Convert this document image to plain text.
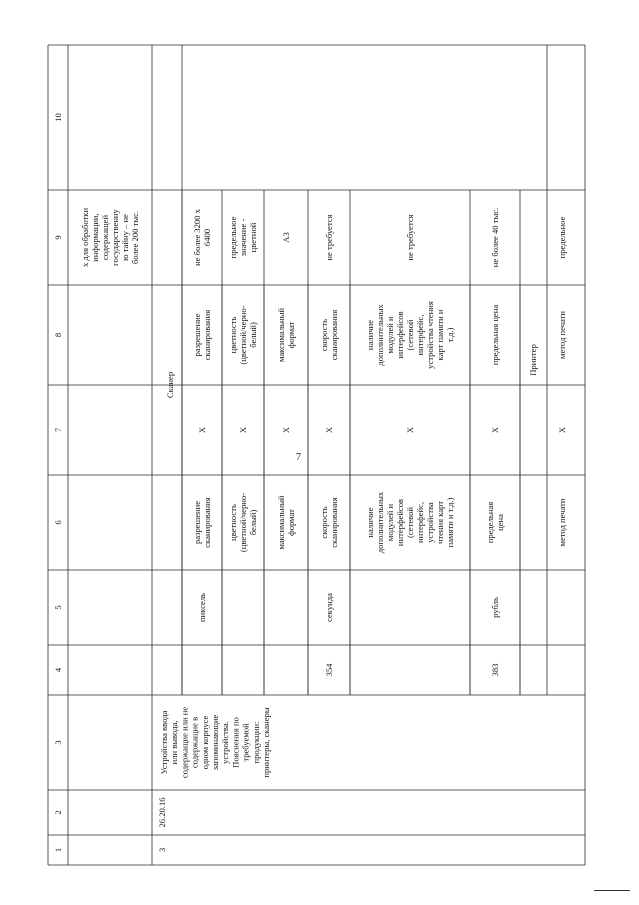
7
1
2
3
4
5
6
7
8
9
10
х для обработки информации, содержащей государственну ю тайну – не более 200 тыс.
3
26.20.16
Устройства ввода или вывода, содержащие или не содержащие в одном корпусе запоминающие устройства. Пояснения по требуемой продукции: принтеры, сканеры
Сканер
пиксель
разрешение сканирования
Х
разрешение сканирования
не более 3200 х 6400
цветность (цветной/черно- белый)
Х
цветность (цветной/черно- белый)
предельное значение - цветной
максимальный формат
Х
максимальный формат
А3
354
секунда
скорость сканирования
Х
скорость сканирования
не требуется
наличие дополнительных модулей и интерфейсов (сетевой интерфейс, устройства чтения карт памяти и т.д.)
Х
наличие дополнительных модулей и интерфейсов (сетевой интерфейс, устройства чтения карт памяти и т.д.)
не требуется
383
рубль
предельная цена
Х
предельная цена
не более 40 тыс.
Принтер
метод печати
Х
метод печати
предельное
